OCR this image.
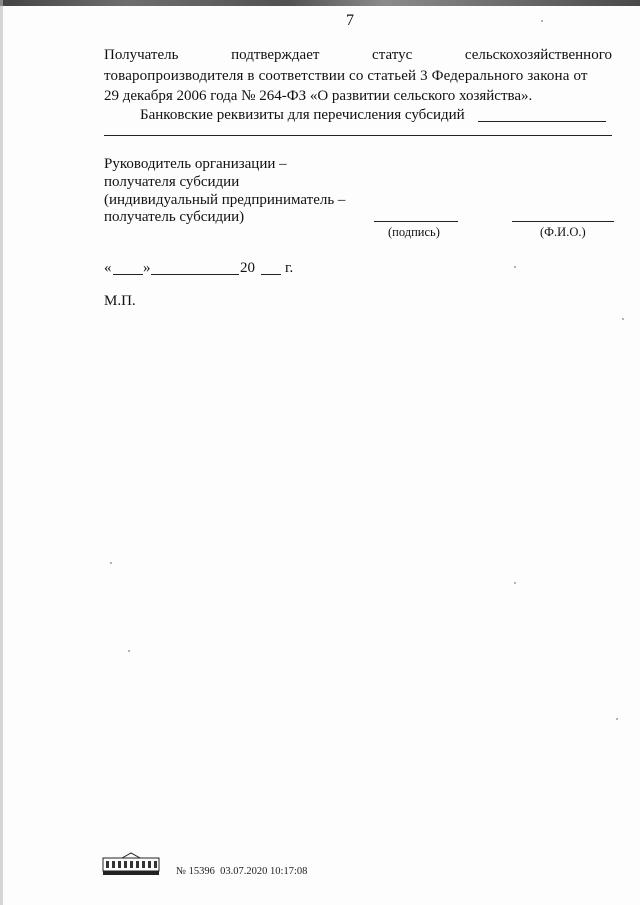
7
Получатель	подтверждает	статус	сельскохозяйственного
товаропроизводителя в соответствии со статьей 3 Федерального закона от
29 декабря 2006 года № 264-ФЗ «О развитии сельского хозяйства».
Банковские реквизиты для перечисления субсидий
Руководитель организации –
получателя субсидии
(индивидуальный предприниматель –
получатель субсидии)
(подпись)	(Ф.И.О.)
« »	20 г.
М.П.
№ 15396 03.07.2020 10:17:08
